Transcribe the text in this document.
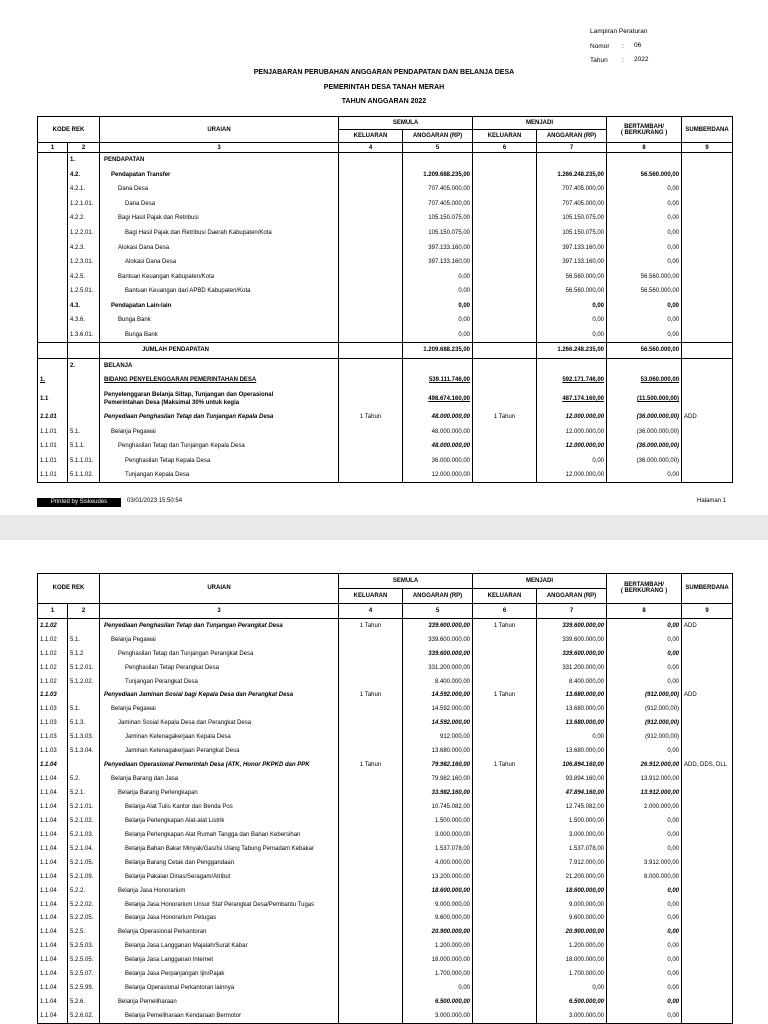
Lampiran Peraturan
Nomor : 06
Tahun : 2022
PENJABARAN PERUBAHAN ANGGARAN PENDAPATAN DAN BELANJA DESA
PEMERINTAH DESA TANAH MERAH
TAHUN ANGGARAN 2022
KODE REK		URAIAN	SEMULA		MENJADI		BERTAMBAH/
( BERKURANG )	SUMBERDANA
			KELUARAN	ANGGARAN (RP)	KELUARAN	ANGGARAN (RP)		
1	2	3	4	5	6	7	8	9
	1.	PENDAPATAN						
	4.2.	Pendapatan Transfer		1.209.688.235,00		1.266.248.235,00	56.560.000,00	
	4.2.1.	Dana Desa		707.405.000,00		707.405.000,00	0,00	
	1.2.1.01.	Dana Desa		707.405.000,00		707.405.000,00	0,00	
	4.2.2.	Bagi Hasil Pajak dan Retribusi		105.150.075,00		105.150.075,00	0,00	
	1.2.2.01.	Bagi Hasil Pajak dan Retribusi Daerah Kabupaten/Kota		105.150.075,00		105.150.075,00	0,00	
	4.2.3.	Alokasi Dana Desa		397.133.160,00		397.133.160,00	0,00	
	1.2.3.01.	Alokasi Dana Desa		397.133.160,00		397.133.160,00	0,00	
	4.2.5.	Bantuan Keuangan Kabupaten/Kota		0,00		56.560.000,00	56.560.000,00	
	1.2.5.01.	Bantuan Keuangan dari APBD Kabupaten/Kota		0,00		56.560.000,00	56.560.000,00	
	4.3.	Pendapatan Lain-lain		0,00		0,00	0,00	
	4.3.6.	Bunga Bank		0,00		0,00	0,00	
	1.3.6.01.	Bunga Bank		0,00		0,00	0,00	
		JUMLAH PENDAPATAN		1.209.688.235,00		1.266.248.235,00	56.560.000,00	
	2.	BELANJA						
1.		BIDANG PENYELENGGARAN PEMERINTAHAN DESA		539.111.746,00		592.171.746,00	53.060.000,00	
1.1		Penyelenggaran Belanja Siltap, Tunjangan dan Operasional
Pemerintahan Desa (Maksimal 30% untuk kegia		498.674.160,00		487.174.160,00	(11.500.000,00)	
1.1.01		Penyediaan Penghasilan Tetap dan Tunjangan Kepala Desa	1 Tahun	48.000.000,00	1 Tahun	12.000.000,00	(36.000.000,00)	ADD
1.1.01	5.1.	Belanja Pegawai		48.000.000,00		12.000.000,00	(36.000.000,00)	
1.1.01	5.1.1.	Penghasilan Tetap dan Tunjangan Kepala Desa		48.000.000,00		12.000.000,00	(36.000.000,00)	
1.1.01	5.1.1.01.	Penghasilan Tetap Kepala Desa		36.000.000,00		0,00	(36.000.000,00)	
1.1.01	5.1.1.02.	Tunjangan Kepala Desa		12.000.000,00		12.000.000,00	0,00	
Printed by Siskeudes	03/01/2023 15:50:54	Halaman 1
KODE REK		URAIAN	SEMULA		MENJADI		BERTAMBAH/
( BERKURANG )	SUMBERDANA
			KELUARAN	ANGGARAN (RP)	KELUARAN	ANGGARAN (RP)		
1	2	3	4	5	6	7	8	9
1.1.02		Penyediaan Penghasilan Tetap dan Tunjangan Perangkat Desa	1 Tahun	339.600.000,00	1 Tahun	339.600.000,00	0,00	ADD
1.1.02	5.1.	Belanja Pegawai		339.600.000,00		339.600.000,00	0,00	
1.1.02	5.1.2	Penghasilan Tetap dan Tunjangan Perangkat Desa		339.600.000,00		339.600.000,00	0,00	
1.1.02	5.1.2.01.	Penghasilan Tetap Perangkat Desa		331.200.000,00		331.200.000,00	0,00	
1.1.02	5.1.2.02.	Tunjangan Perangkat Desa		8.400.000,00		8.400.000,00	0,00	
1.1.03		Penyediaan Jaminan Sosial bagi Kepala Desa dan Perangkat Desa	1 Tahun	14.592.000,00	1 Tahun	13.680.000,00	(912.000,00)	ADD
1.1.03	5.1.	Belanja Pegawai		14.592.000,00		13.680.000,00	(912.000,00)	
1.1.03	5.1.3.	Jaminan Sosial Kepala Desa dan Perangkat Desa		14.592.000,00		13.680.000,00	(912.000,00)	
1.1.03	5.1.3.03.	Jaminan Ketenagakerjaan Kepala Desa		912.000,00		0,00	(912.000,00)	
1.1.03	5.1.3.04.	Jaminan Ketenagakerjaan Perangkat Desa		13.680.000,00		13.680.000,00	0,00	
1.1.04		Penyediaan Operasional Pemerintah Desa (ATK, Honor PKPKD dan PPK	1 Tahun	79.982.160,00	1 Tahun	106.894.160,00	26.912.000,00	ADD, DDS, DLL
1.1.04	5.2.	Belanja Barang dan Jasa		79.982.160,00		93.894.160,00	13.912.000,00	
1.1.04	5.2.1.	Belanja Barang Perlengkapan		33.982.160,00		47.894.160,00	13.912.000,00	
1.1.04	5.2.1.01.	Belanja Alat Tulis Kantor dan Benda Pos		10.745.082,00		12.745.082,00	2.000.000,00	
1.1.04	5.2.1.02.	Belanja Perlengkapan Alat-alat Listrik		1.500.000,00		1.500.000,00	0,00	
1.1.04	5.2.1.03.	Belanja Perlengkapan Alat Rumah Tangga dan Bahan Kebersihan		3.000.000,00		3.000.000,00	0,00	
1.1.04	5.2.1.04.	Belanja Bahan Bakar Minyak/Gas/Isi Ulang Tabung Pemadam Kebakar		1.537.078,00		1.537.078,00	0,00	
1.1.04	5.2.1.05.	Belanja Barang Cetak dan Penggandaan		4.000.000,00		7.912.000,00	3.912.000,00	
1.1.04	5.2.1.09.	Belanja Pakaian Dinas/Seragam/Atribut		13.200.000,00		21.200.000,00	8.000.000,00	
1.1.04	5.2.2.	Belanja Jasa Honorarium		18.600.000,00		18.600.000,00	0,00	
1.1.04	5.2.2.02.	Belanja Jasa Honorarium Unsur Staf Perangkat Desa/Pembantu Tugas		9.000.000,00		9.000.000,00	0,00	
1.1.04	5.2.2.05.	Belanja Jasa Honorarium Petugas		9.600.000,00		9.600.000,00	0,00	
1.1.04	5.2.5.	Belanja Operasional Perkantoran		20.900.000,00		20.900.000,00	0,00	
1.1.04	5.2.5.03.	Belanja Jasa Langganan Majalah/Surat Kabar		1.200.000,00		1.200.000,00	0,00	
1.1.04	5.2.5.05.	Belanja Jasa Langganan Internet		18.000.000,00		18.000.000,00	0,00	
1.1.04	5.2.5.07.	Belanja Jasa Perpanjangan Ijin/Pajak		1.700.000,00		1.700.000,00	0,00	
1.1.04	5.2.5.99.	Belanja Operasional Perkantoran lainnya		0,00		0,00	0,00	
1.1.04	5.2.6.	Belanja Pemeliharaan		6.500.000,00		6.500.000,00	0,00	
1.1.04	5.2.6.02.	Belanja Pemeliharaan Kendaraan Bermotor		3.000.000,00		3.000.000,00	0,00	
